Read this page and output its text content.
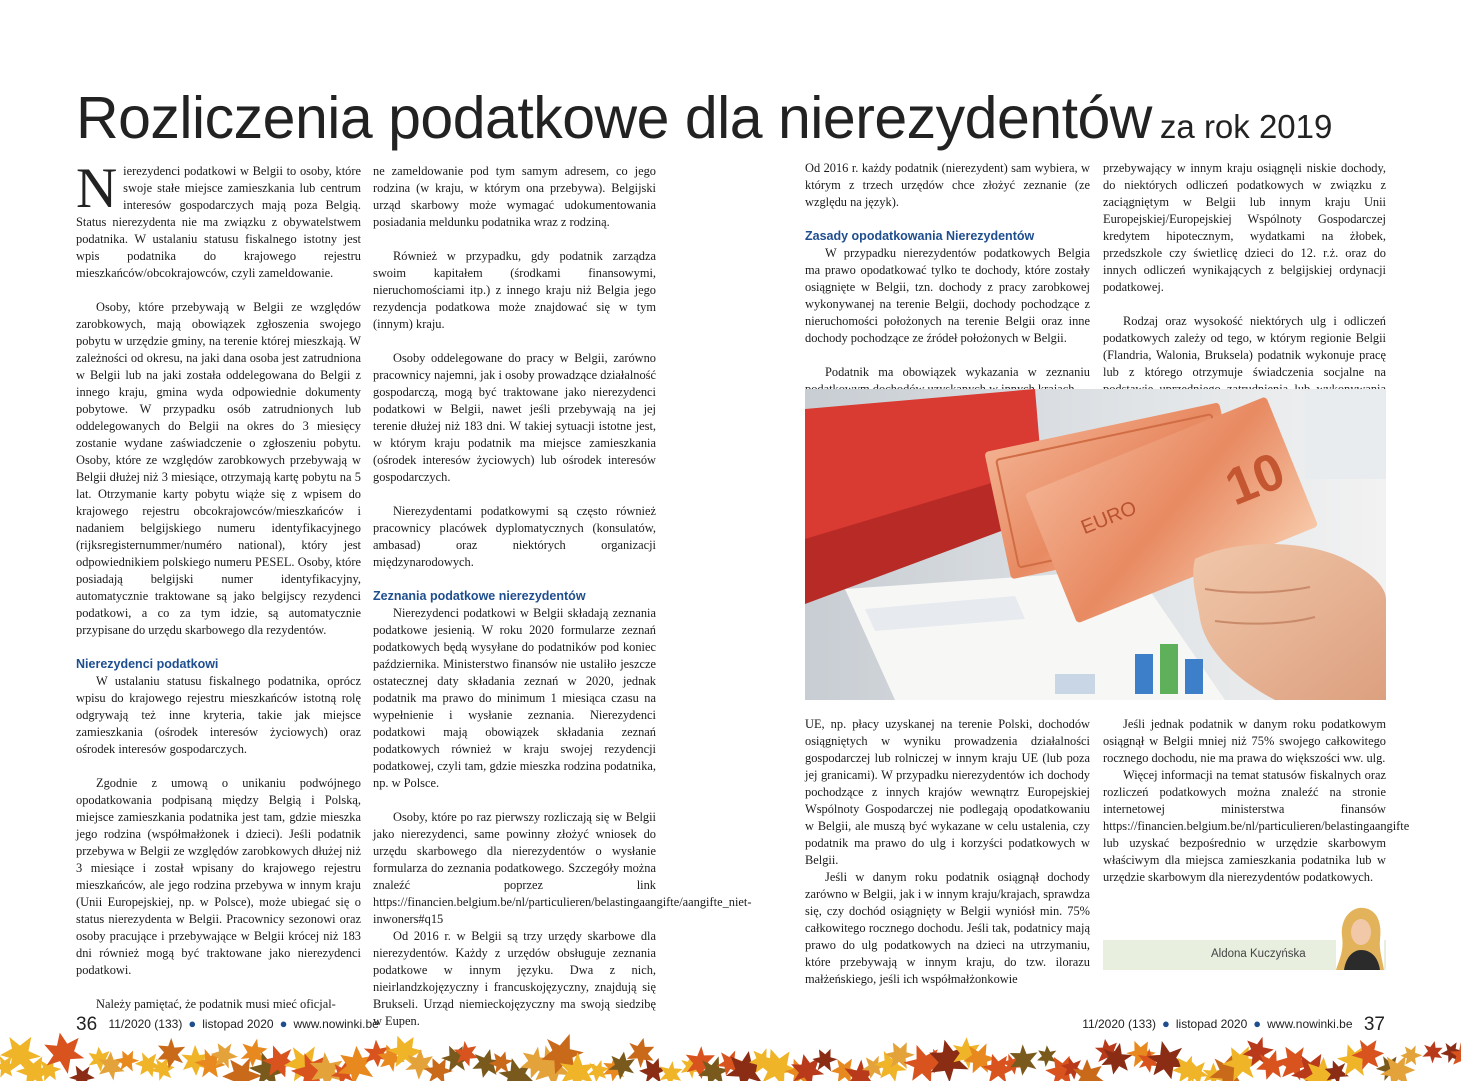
Rozliczenia podatkowe dla nierezydentów za rok 2019

Nierezydenci podatkowi w Belgii to osoby, które swoje stałe miejsce zamieszkania lub centrum interesów gospodarczych mają poza Belgią. Status nierezydenta nie ma związku z obywatelstwem podatnika. W ustalaniu statusu fiskalnego istotny jest wpis podatnika do krajowego rejestru mieszkańców/obcokrajowców, czyli zameldowanie.

Osoby, które przebywają w Belgii ze względów zarobkowych, mają obowiązek zgłoszenia swojego pobytu w urzędzie gminy, na terenie której mieszkają. W zależności od okresu, na jaki dana osoba jest zatrudniona w Belgii lub na jaki została oddelegowana do Belgii z innego kraju, gmina wyda odpowiednie dokumenty pobytowe. W przypadku osób zatrudnionych lub oddelegowanych do Belgii na okres do 3 miesięcy zostanie wydane zaświadczenie o zgłoszeniu pobytu. Osoby, które ze względów zarobkowych przebywają w Belgii dłużej niż 3 miesiące, otrzymają kartę pobytu na 5 lat. Otrzymanie karty pobytu wiąże się z wpisem do krajowego rejestru obcokrajowców/mieszkańców i nadaniem belgijskiego numeru identyfikacyjnego (rijksregisternummer/numéro national), który jest odpowiednikiem polskiego numeru PESEL. Osoby, które posiadają belgijski numer identyfikacyjny, automatycznie traktowane są jako belgijscy rezydenci podatkowi, a co za tym idzie, są automatycznie przypisane do urzędu skarbowego dla rezydentów.

Nierezydenci podatkowi

W ustalaniu statusu fiskalnego podatnika, oprócz wpisu do krajowego rejestru mieszkańców istotną rolę odgrywają też inne kryteria, takie jak miejsce zamieszkania (ośrodek interesów życiowych) oraz ośrodek interesów gospodarczych.

Zgodnie z umową o unikaniu podwójnego opodatkowania podpisaną między Belgią i Polską, miejsce zamieszkania podatnika jest tam, gdzie mieszka jego rodzina (współmałżonek i dzieci). Jeśli podatnik przebywa w Belgii ze względów zarobkowych dłużej niż 3 miesiące i został wpisany do krajowego rejestru mieszkańców, ale jego rodzina przebywa w innym kraju (Unii Europejskiej, np. w Polsce), może ubiegać się o status nierezydenta w Belgii. Pracownicy sezonowi oraz osoby pracujące i przebywające w Belgii krócej niż 183 dni również mogą być traktowane jako nierezydenci podatkowi.

Należy pamiętać, że podatnik musi mieć oficjal-

ne zameldowanie pod tym samym adresem, co jego rodzina (w kraju, w którym ona przebywa). Belgijski urząd skarbowy może wymagać udokumentowania posiadania meldunku podatnika wraz z rodziną.

Również w przypadku, gdy podatnik zarządza swoim kapitałem (środkami finansowymi, nieruchomościami itp.) z innego kraju niż Belgia jego rezydencja podatkowa może znajdować się w tym (innym) kraju.

Osoby oddelegowane do pracy w Belgii, zarówno pracownicy najemni, jak i osoby prowadzące działalność gospodarczą, mogą być traktowane jako nierezydenci podatkowi w Belgii, nawet jeśli przebywają na jej terenie dłużej niż 183 dni. W takiej sytuacji istotne jest, w którym kraju podatnik ma miejsce zamieszkania (ośrodek interesów życiowych) lub ośrodek interesów gospodarczych.

Nierezydentami podatkowymi są często również pracownicy placówek dyplomatycznych (konsulatów, ambasad) oraz niektórych organizacji międzynarodowych.

Zeznania podatkowe nierezydentów

Nierezydenci podatkowi w Belgii składają zeznania podatkowe jesienią. W roku 2020 formularze zeznań podatkowych będą wysyłane do podatników pod koniec października. Ministerstwo finansów nie ustaliło jeszcze ostatecznej daty składania zeznań w 2020, jednak podatnik ma prawo do minimum 1 miesiąca czasu na wypełnienie i wysłanie zeznania. Nierezydenci podatkowi mają obowiązek składania zeznań podatkowych również w kraju swojej rezydencji podatkowej, czyli tam, gdzie mieszka rodzina podatnika, np. w Polsce.

Osoby, które po raz pierwszy rozliczają się w Belgii jako nierezydenci, same powinny złożyć wniosek do urzędu skarbowego dla nierezydentów o wysłanie formularza do zeznania podatkowego. Szczegóły można znaleźć poprzez link https://financien.belgium.be/nl/particulieren/belastingaangifte/aangifte_niet-inwoners#q15

Od 2016 r. w Belgii są trzy urzędy skarbowe dla nierezydentów. Każdy z urzędów obsługuje zeznania podatkowe w innym języku. Dwa z nich, nieirlandzkojęzyczny i francuskojęzyczny, znajdują się Brukseli. Urząd niemieckojęzyczny ma swoją siedzibę w Eupen.

Od 2016 r. każdy podatnik (nierezydent) sam wybiera, w którym z trzech urzędów chce złożyć zeznanie (ze względu na język).

Zasady opodatkowania Nierezydentów

W przypadku nierezydentów podatkowych Belgia ma prawo opodatkować tylko te dochody, które zostały osiągnięte w Belgii, tzn. dochody z pracy zarobkowej wykonywanej na terenie Belgii, dochody pochodzące z nieruchomości położonych na terenie Belgii oraz inne dochody pochodzące ze źródeł położonych w Belgii.

Podatnik ma obowiązek wykazania w zeznaniu

przebywający w innym kraju osiągnęli niskie dochody, do niektórych odliczeń podatkowych w związku z zaciągniętym w Belgii lub innym kraju Unii Europejskiej/Europejskiej Wspólnoty Gospodarczej kredytem hipotecznym, wydatkami na żłobek, przedszkole czy świetlicę dzieci do 12. r.ż. oraz do innych odliczeń wynikających z belgijskiej ordynacji podatkowej.

Rodzaj oraz wysokość niektórych ulg i odliczeń podatkowych zależy od tego, w którym regionie Belgii (Flandria, Walonia, Bruksela) podatnik wykonuje pracę lub z którego otrzymuje świadczenia socjalne na

10
EURO

UE, np. płacy uzyskanej na terenie Polski, dochodów osiągniętych w wyniku prowadzenia działalności gospodarczej lub rolniczej w innym kraju UE (lub poza jej granicami). W przypadku nierezydentów ich dochody pochodzące z innych krajów wewnątrz Europejskiej Wspólnoty Gospodarczej nie podlegają opodatkowaniu w Belgii, ale muszą być wykazane w celu ustalenia, czy podatnik ma prawo do ulg i korzyści podatkowych w Belgii.

Jeśli w danym roku podatnik osiągnął dochody zarówno w Belgii, jak i w innym kraju/krajach, sprawdza się, czy dochód osiągnięty w Belgii wyniósł min. 75% całkowitego rocznego dochodu. Jeśli tak, podatnicy mają prawo do ulg podatkowych na dzieci na utrzymaniu, które przebywają w innym kraju, do tzw. ilorazu małżeńskiego, jeśli ich współmałżonkowie

Jeśli jednak podatnik w danym roku podatkowym osiągnął w Belgii mniej niż 75% swojego całkowitego rocznego dochodu, nie ma prawa do większości ww. ulg.

Więcej informacji na temat statusów fiskalnych oraz rozliczeń podatkowych można znaleźć na stronie internetowej ministerstwa finansów https://financien.belgium.be/nl/particulieren/belastingaangifte lub uzyskać bezpośrednio w urzędzie skarbowym właściwym dla miejsca zamieszkania podatnika lub w urzędzie skarbowym dla nierezydentów podatkowych.

Aldona Kuczyńska
36 11/2020 (133) ● listopad 2020 ● www.nowinki.be	11/2020 (133) ● listopad 2020 ● www.nowinki.be 37
